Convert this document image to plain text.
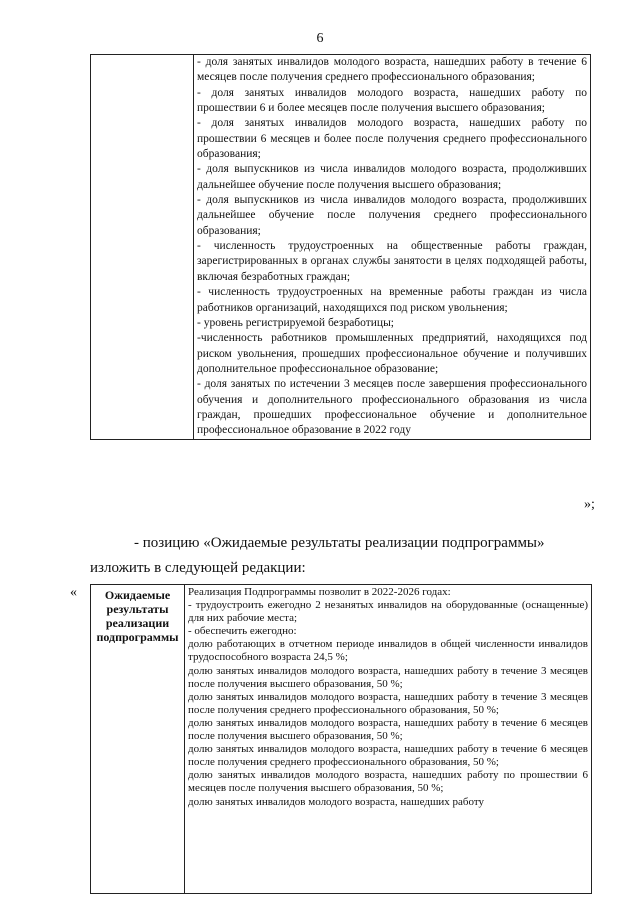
6

- доля занятых инвалидов молодого возраста, нашедших работу в течение 6 месяцев после получения среднего профессионального образования;

- доля занятых инвалидов молодого возраста, нашедших работу по прошествии 6 и более месяцев после получения высшего образования;

- доля занятых инвалидов молодого возраста, нашедших работу по прошествии 6 месяцев и более после получения среднего профессионального образования;

- доля выпускников из числа инвалидов молодого возраста, продолживших дальнейшее обучение после получения высшего образования;

- доля выпускников из числа инвалидов молодого возраста, продолживших дальнейшее обучение после получения среднего профессионального образования;

- численность трудоустроенных на общественные работы граждан, зарегистрированных в органах службы занятости в целях подходящей работы, включая безработных граждан;

- численность трудоустроенных на временные работы граждан из числа работников организаций, находящихся под риском увольнения;

- уровень регистрируемой безработицы;

-численность работников промышленных предприятий, находящихся под риском увольнения, прошедших профессиональное обучение и получивших дополнительное профессиональное образование;

- доля занятых по истечении 3 месяцев после завершения профессионального обучения и дополнительного профессионального образования из числа граждан, прошедших профессиональное обучение и дополнительное профессиональное образование в 2022 году

»;
- позицию «Ожидаемые результаты реализации подпрограммы»
изложить в следующей редакции:
« Ожидаемые результаты реализации подпрограммы	

Реализация Подпрограммы позволит в 2022-2026 годах:

- трудоустроить ежегодно 2 незанятых инвалидов на оборудованные (оснащенные) для них рабочие места;

- обеспечить ежегодно:

долю работающих в отчетном периоде инвалидов в общей численности инвалидов трудоспособного возраста 24,5 %;

долю занятых инвалидов молодого возраста, нашедших работу в течение 3 месяцев после получения высшего образования, 50 %;

долю занятых инвалидов молодого возраста, нашедших работу в течение 3 месяцев после получения среднего профессионального образования, 50 %;

долю занятых инвалидов молодого возраста, нашедших работу в течение 6 месяцев после получения высшего образования, 50 %;

долю занятых инвалидов молодого возраста, нашедших работу в течение 6 месяцев после получения среднего профессионального образования, 50 %;

долю занятых инвалидов молодого возраста, нашедших работу по прошествии 6 месяцев после получения высшего образования, 50 %;

долю занятых инвалидов молодого возраста, нашедших работу
